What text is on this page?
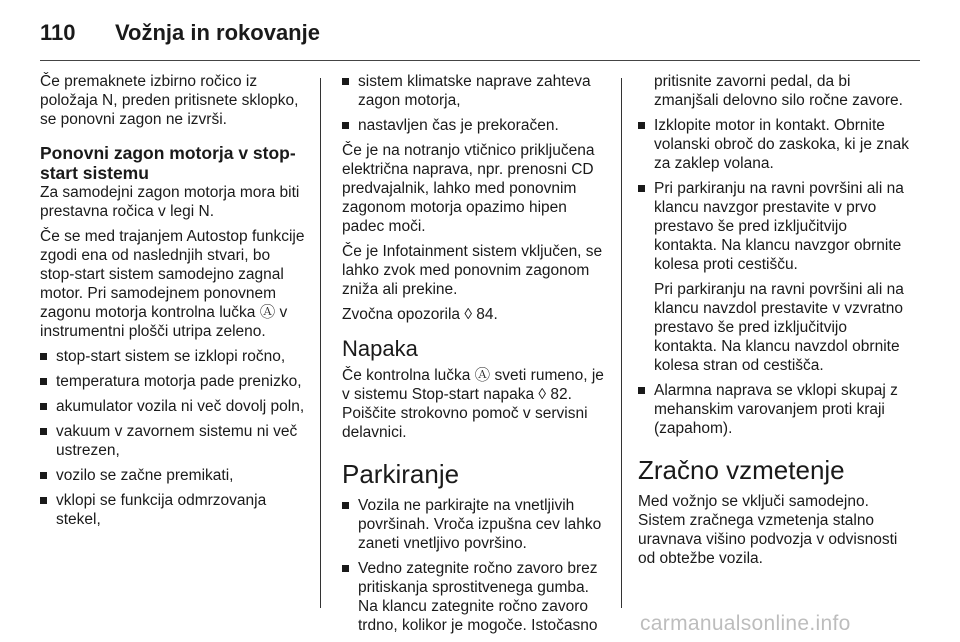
110	Vožnja in rokovanje

Če premaknete izbirno ročico iz položaja N, preden pritisnete sklopko, se ponovni zagon ne izvrši.

Ponovni zagon motorja v stop-start sistemu

Za samodejni zagon motorja mora biti prestavna ročica v legi N.

Če se med trajanjem Autostop funkcije zgodi ena od naslednjih stvari, bo stop-start sistem samodejno zagnal motor. Pri samodejnem ponovnem zagonu motorja kontrolna lučka Ⓐ v instrumentni plošči utripa zeleno.

stop-start sistem se izklopi ročno,
temperatura motorja pade prenizko,
akumulator vozila ni več dovolj poln,
vakuum v zavornem sistemu ni več ustrezen,
vozilo se začne premikati,
vklopi se funkcija odmrzovanja stekel,
sistem klimatske naprave zahteva zagon motorja,
nastavljen čas je prekoračen.

Če je na notranjo vtičnico priključena električna naprava, npr. prenosni CD predvajalnik, lahko med ponovnim zagonom motorja opazimo hipen padec moči.

Če je Infotainment sistem vključen, se lahko zvok med ponovnim zagonom zniža ali prekine.

Zvočna opozorila ◊ 84.

Napaka

Če kontrolna lučka Ⓐ sveti rumeno, je v sistemu Stop-start napaka ◊ 82. Poiščite strokovno pomoč v servisni delavnici.

Parkiranje
Vozila ne parkirajte na vnetljivih površinah. Vroča izpušna cev lahko zaneti vnetljivo površino.
Vedno zategnite ročno zavoro brez pritiskanja sprostitvenega gumba. Na klancu zategnite ročno zavoro trdno, kolikor je mogoče. Istočasno

pritisnite zavorni pedal, da bi zmanjšali delovno silo ročne zavore.

Izklopite motor in kontakt. Obrnite volanski obroč do zaskoka, ki je znak za zaklep volana.
Pri parkiranju na ravni površini ali na klancu navzgor prestavite v prvo prestavo še pred izključitvijo kontakta. Na klancu navzgor obrnite kolesa proti cestišču.

Pri parkiranju na ravni površini ali na klancu navzdol prestavite v vzvratno prestavo še pred izključitvijo kontakta. Na klancu navzdol obrnite kolesa stran od cestišča.

Alarmna naprava se vklopi skupaj z mehanskim varovanjem proti kraji (zapahom).
Zračno vzmetenje

Med vožnjo se vključi samodejno. Sistem zračnega vzmetenja stalno uravnava višino podvozja v odvisnosti od obtežbe vozila.

carmanualsonline.info
